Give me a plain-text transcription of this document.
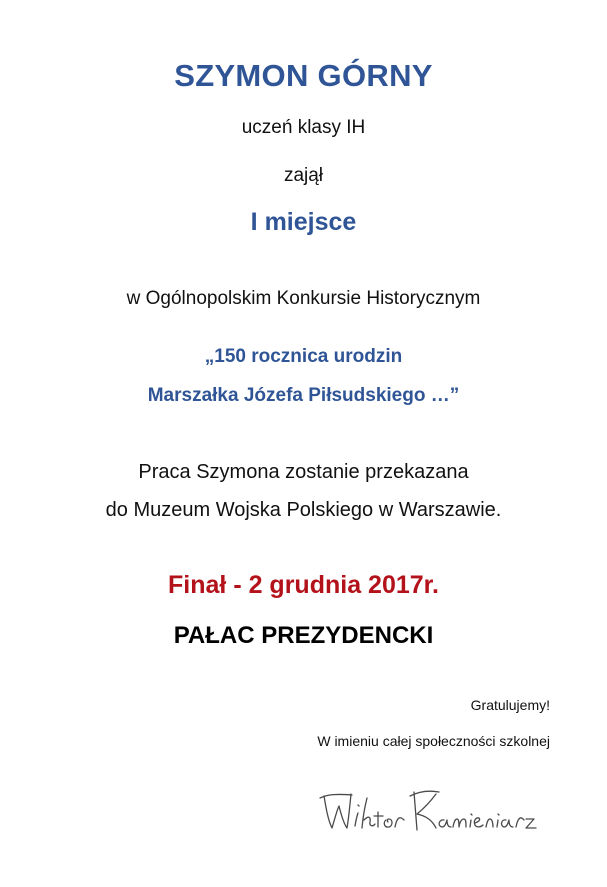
SZYMON GÓRNY
uczeń klasy IH
zajął
I miejsce
w Ogólnopolskim Konkursie Historycznym
„150 rocznica urodzin
Marszałka Józefa Piłsudskiego …”
Praca Szymona zostanie przekazana
do Muzeum Wojska Polskiego w Warszawie.
Finał - 2 grudnia 2017r.
PAŁAC PREZYDENCKI
Gratulujemy!
W imieniu całej społeczności szkolnej
